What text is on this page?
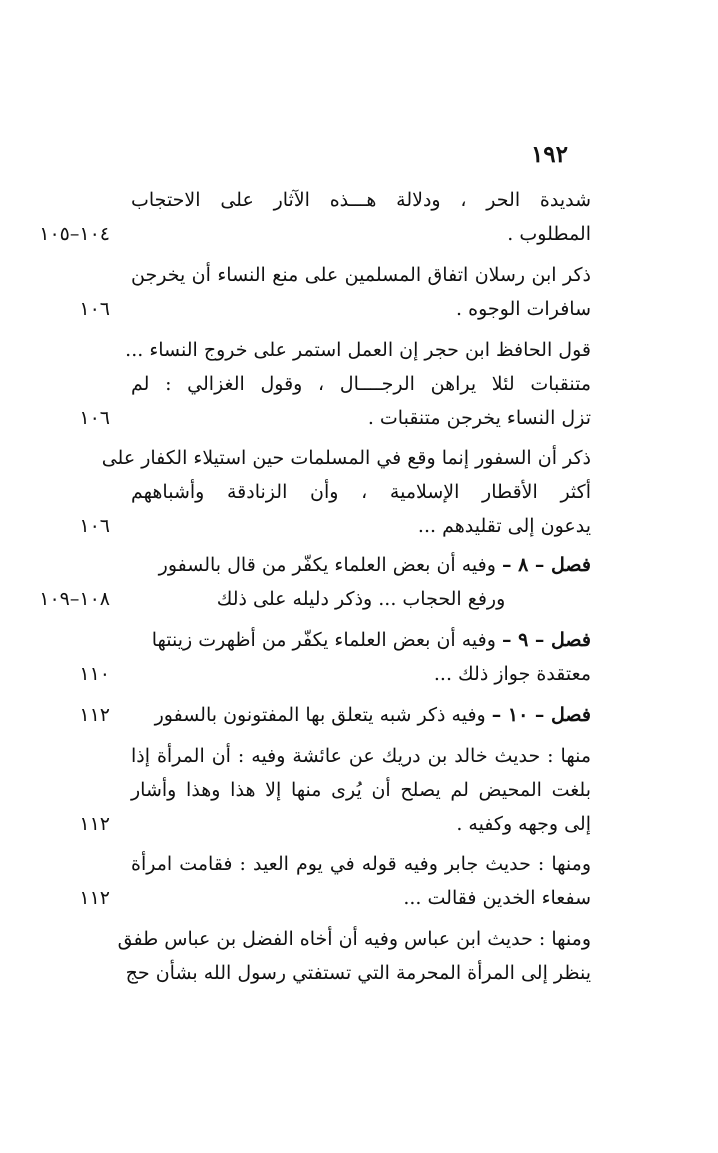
١٩٢
شديدة الحر ، ودلالة هـــذه الآثار على الاحتجاب
المطلوب .
١٠٤–١٠٥
ذكر ابن رسلان اتفاق المسلمين على منع النساء أن يخرجن
سافرات الوجوه .
١٠٦
قول الحافظ ابن حجر إن العمل استمر على خروج النساء ...
متنقبات لئلا يراهن الرجــــال ، وقول الغزالي : لم
تزل النساء يخرجن متنقبات .
١٠٦
ذكر أن السفور إنما وقع في المسلمات حين استيلاء الكفار على
أكثر الأقطار الإسلامية ، وأن الزنادقة وأشباههم
يدعون إلى تقليدهم ...
١٠٦
فصل – ٨ – وفيه أن بعض العلماء يكفّر من قال بالسفور
ورفع الحجاب ... وذكر دليله على ذلك
١٠٨–١٠٩
فصل – ٩ – وفيه أن بعض العلماء يكفّر من أظهرت زينتها
معتقدة جواز ذلك ...
١١٠
فصل – ١٠ – وفيه ذكر شبه يتعلق بها المفتونون بالسفور
١١٢
منها : حديث خالد بن دريك عن عائشة وفيه : أن المرأة إذا
بلغت المحيض لم يصلح أن يُرى منها إلا هذا وهذا وأشار
إلى وجهه وكفيه .
١١٢
ومنها : حديث جابر وفيه قوله في يوم العيد : فقامت امرأة
سفعاء الخدين فقالت ...
١١٢
ومنها : حديث ابن عباس وفيه أن أخاه الفضل بن عباس طفق
ينظر إلى المرأة المحرمة التي تستفتي رسول الله بشأن حج
